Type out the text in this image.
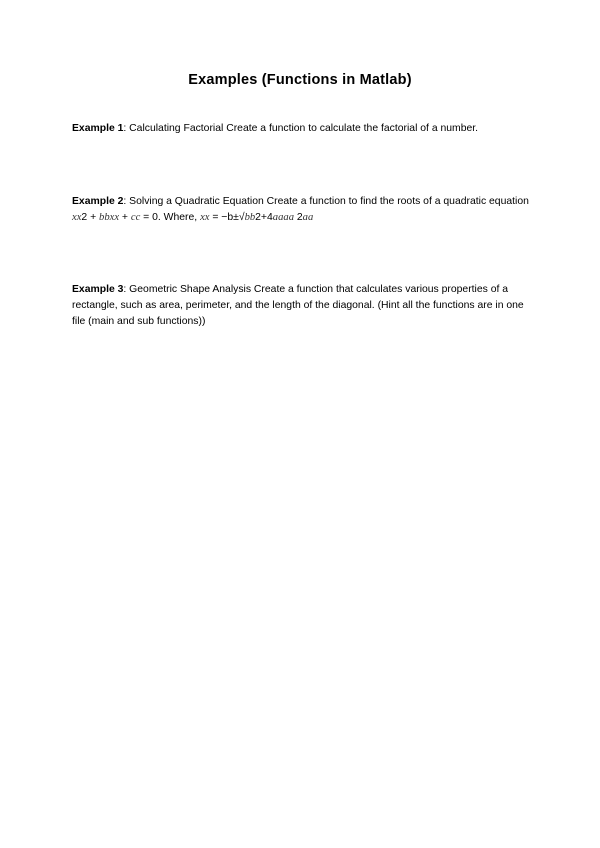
Examples (Functions in Matlab)
Example 1: Calculating Factorial Create a function to calculate the factorial of a number.
Example 2: Solving a Quadratic Equation Create a function to find the roots of a quadratic equation xx2 + bbxx + cc = 0. Where, xx = −b±√bb2+4aaaa 2aa
Example 3: Geometric Shape Analysis Create a function that calculates various properties of a rectangle, such as area, perimeter, and the length of the diagonal. (Hint all the functions are in one file (main and sub functions))
